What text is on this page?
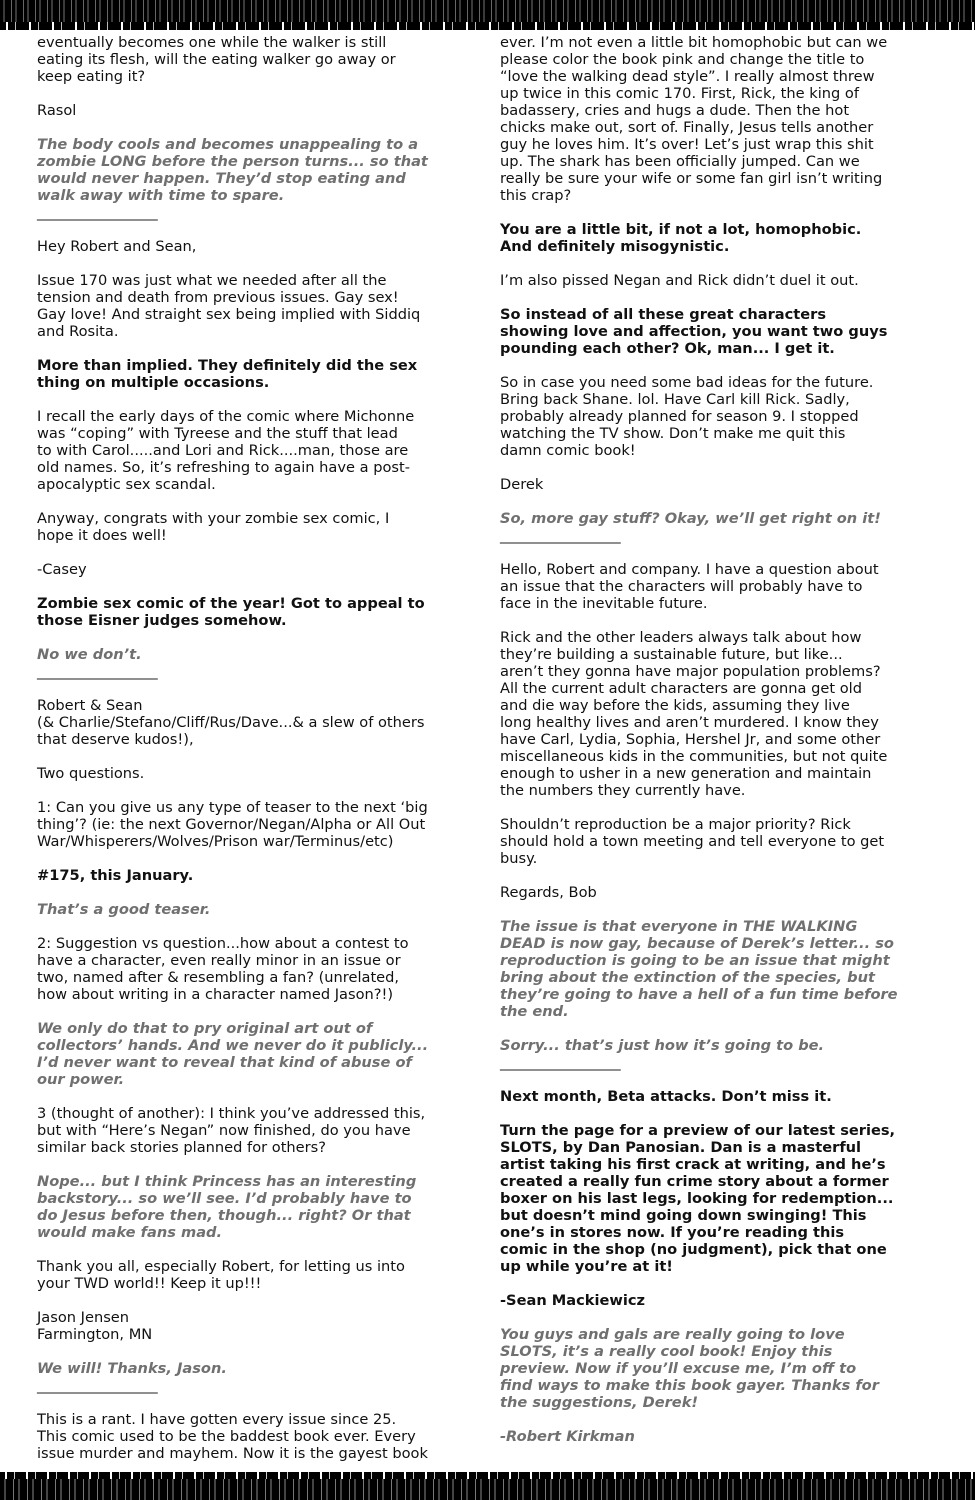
eventually becomes one while the walker is still
eating its flesh, will the eating walker go away or
keep eating it?
Rasol
The body cools and becomes unappealing to a
zombie LONG before the person turns... so that
would never happen. They’d stop eating and
walk away with time to spare.
___________________
Hey Robert and Sean,
Issue 170 was just what we needed after all the
tension and death from previous issues. Gay sex!
Gay love! And straight sex being implied with Siddiq
and Rosita.
More than implied. They definitely did the sex
thing on multiple occasions.
I recall the early days of the comic where Michonne
was “coping” with Tyreese and the stuff that lead
to with Carol.....and Lori and Rick....man, those are
old names. So, it’s refreshing to again have a post-
apocalyptic sex scandal.
Anyway, congrats with your zombie sex comic, I
hope it does well!
-Casey
Zombie sex comic of the year! Got to appeal to
those Eisner judges somehow.
No we don’t.
___________________
Robert & Sean
(& Charlie/Stefano/Cliff/Rus/Dave...& a slew of others
that deserve kudos!),
Two questions.
1: Can you give us any type of teaser to the next ‘big
thing’? (ie: the next Governor/Negan/Alpha or All Out
War/Whisperers/Wolves/Prison war/Terminus/etc)
#175, this January.
That’s a good teaser.
2: Suggestion vs question...how about a contest to
have a character, even really minor in an issue or
two, named after & resembling a fan? (unrelated,
how about writing in a character named Jason?!)
We only do that to pry original art out of
collectors’ hands. And we never do it publicly...
I’d never want to reveal that kind of abuse of
our power.
3 (thought of another): I think you’ve addressed this,
but with “Here’s Negan” now finished, do you have
similar back stories planned for others?
Nope... but I think Princess has an interesting
backstory... so we’ll see. I’d probably have to
do Jesus before then, though... right? Or that
would make fans mad.
Thank you all, especially Robert, for letting us into
your TWD world!! Keep it up!!!
Jason Jensen
Farmington, MN
We will! Thanks, Jason.
___________________
This is a rant. I have gotten every issue since 25.
This comic used to be the baddest book ever. Every
issue murder and mayhem. Now it is the gayest book
ever. I’m not even a little bit homophobic but can we
please color the book pink and change the title to
“love the walking dead style”. I really almost threw
up twice in this comic 170. First, Rick, the king of
badassery, cries and hugs a dude. Then the hot
chicks make out, sort of. Finally, Jesus tells another
guy he loves him. It’s over! Let’s just wrap this shit
up. The shark has been officially jumped. Can we
really be sure your wife or some fan girl isn’t writing
this crap?
You are a little bit, if not a lot, homophobic.
And definitely misogynistic.
I’m also pissed Negan and Rick didn’t duel it out.
So instead of all these great characters
showing love and affection, you want two guys
pounding each other? Ok, man... I get it.
So in case you need some bad ideas for the future.
Bring back Shane. lol. Have Carl kill Rick. Sadly,
probably already planned for season 9. I stopped
watching the TV show. Don’t make me quit this
damn comic book!
Derek
So, more gay stuff? Okay, we’ll get right on it!
___________________
Hello, Robert and company. I have a question about
an issue that the characters will probably have to
face in the inevitable future.
Rick and the other leaders always talk about how
they’re building a sustainable future, but like...
aren’t they gonna have major population problems?
All the current adult characters are gonna get old
and die way before the kids, assuming they live
long healthy lives and aren’t murdered. I know they
have Carl, Lydia, Sophia, Hershel Jr, and some other
miscellaneous kids in the communities, but not quite
enough to usher in a new generation and maintain
the numbers they currently have.
Shouldn’t reproduction be a major priority? Rick
should hold a town meeting and tell everyone to get
busy.
Regards, Bob
The issue is that everyone in THE WALKING
DEAD is now gay, because of Derek’s letter... so
reproduction is going to be an issue that might
bring about the extinction of the species, but
they’re going to have a hell of a fun time before
the end.
Sorry... that’s just how it’s going to be.
___________________
Next month, Beta attacks. Don’t miss it.
Turn the page for a preview of our latest series,
SLOTS, by Dan Panosian. Dan is a masterful
artist taking his first crack at writing, and he’s
created a really fun crime story about a former
boxer on his last legs, looking for redemption...
but doesn’t mind going down swinging! This
one’s in stores now. If you’re reading this
comic in the shop (no judgment), pick that one
up while you’re at it!
-Sean Mackiewicz
You guys and gals are really going to love
SLOTS, it’s a really cool book! Enjoy this
preview. Now if you’ll excuse me, I’m off to
find ways to make this book gayer. Thanks for
the suggestions, Derek!
-Robert Kirkman
